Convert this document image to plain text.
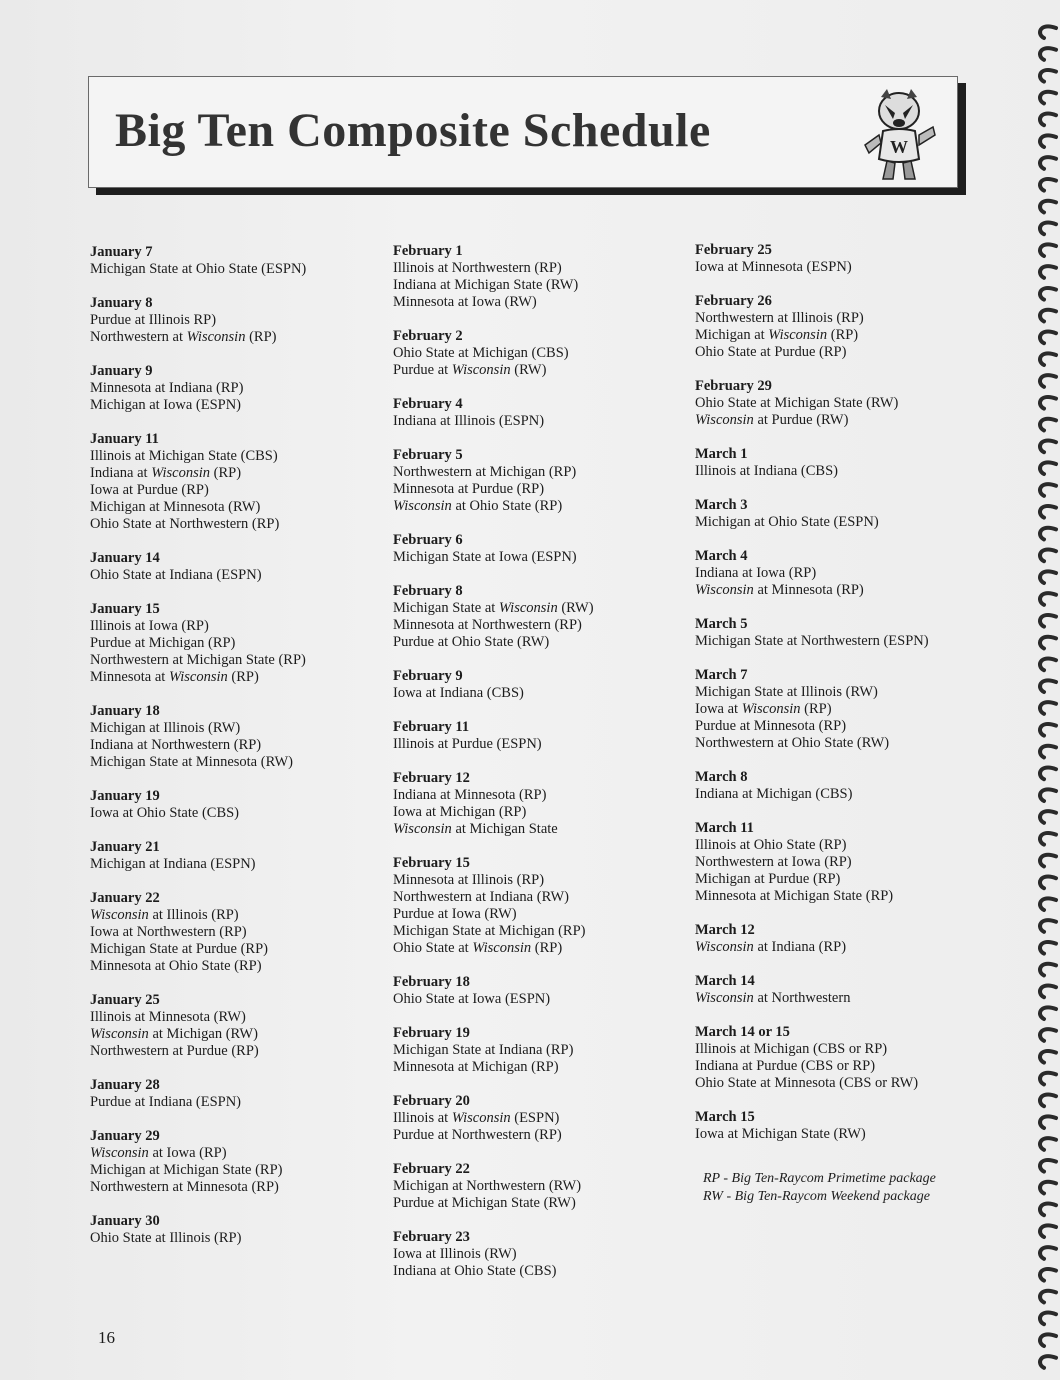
Big Ten Composite Schedule	W
January 7
Michigan State at Ohio State (ESPN)
January 8
Purdue at Illinois RP)
Northwestern at Wisconsin (RP)
January 9
Minnesota at Indiana (RP)
Michigan at Iowa (ESPN)
January 11
Illinois at Michigan State (CBS)
Indiana at Wisconsin (RP)
Iowa at Purdue (RP)
Michigan at Minnesota (RW)
Ohio State at Northwestern (RP)
January 14
Ohio State at Indiana (ESPN)
January 15
Illinois at Iowa (RP)
Purdue at Michigan (RP)
Northwestern at Michigan State (RP)
Minnesota at Wisconsin (RP)
January 18
Michigan at Illinois (RW)
Indiana at Northwestern (RP)
Michigan State at Minnesota (RW)
January 19
Iowa at Ohio State (CBS)
January 21
Michigan at Indiana (ESPN)
January 22
Wisconsin at Illinois (RP)
Iowa at Northwestern (RP)
Michigan State at Purdue (RP)
Minnesota at Ohio State (RP)
January 25
Illinois at Minnesota (RW)
Wisconsin at Michigan (RW)
Northwestern at Purdue (RP)
January 28
Purdue at Indiana (ESPN)
January 29
Wisconsin at Iowa (RP)
Michigan at Michigan State (RP)
Northwestern at Minnesota (RP)
January 30
Ohio State at Illinois (RP)
February 1
Illinois at Northwestern (RP)
Indiana at Michigan State (RW)
Minnesota at Iowa (RW)
February 2
Ohio State at Michigan (CBS)
Purdue at Wisconsin (RW)
February 4
Indiana at Illinois (ESPN)
February 5
Northwestern at Michigan (RP)
Minnesota at Purdue (RP)
Wisconsin at Ohio State (RP)
February 6
Michigan State at Iowa (ESPN)
February 8
Michigan State at Wisconsin (RW)
Minnesota at Northwestern (RP)
Purdue at Ohio State (RW)
February 9
Iowa at Indiana (CBS)
February 11
Illinois at Purdue (ESPN)
February 12
Indiana at Minnesota (RP)
Iowa at Michigan (RP)
Wisconsin at Michigan State
February 15
Minnesota at Illinois (RP)
Northwestern at Indiana (RW)
Purdue at Iowa (RW)
Michigan State at Michigan (RP)
Ohio State at Wisconsin (RP)
February 18
Ohio State at Iowa (ESPN)
February 19
Michigan State at Indiana (RP)
Minnesota at Michigan (RP)
February 20
Illinois at Wisconsin (ESPN)
Purdue at Northwestern (RP)
February 22
Michigan at Northwestern (RW)
Purdue at Michigan State (RW)
February 23
Iowa at Illinois (RW)
Indiana at Ohio State (CBS)
February 25
Iowa at Minnesota (ESPN)
February 26
Northwestern at Illinois (RP)
Michigan at Wisconsin (RP)
Ohio State at Purdue (RP)
February 29
Ohio State at Michigan State (RW)
Wisconsin at Purdue (RW)
March 1
Illinois at Indiana (CBS)
March 3
Michigan at Ohio State (ESPN)
March 4
Indiana at Iowa (RP)
Wisconsin at Minnesota (RP)
March 5
Michigan State at Northwestern (ESPN)
March 7
Michigan State at Illinois (RW)
Iowa at Wisconsin (RP)
Purdue at Minnesota (RP)
Northwestern at Ohio State (RW)
March 8
Indiana at Michigan (CBS)
March 11
Illinois at Ohio State (RP)
Northwestern at Iowa (RP)
Michigan at Purdue (RP)
Minnesota at Michigan State (RP)
March 12
Wisconsin at Indiana (RP)
March 14
Wisconsin at Northwestern
March 14 or 15
Illinois at Michigan (CBS or RP)
Indiana at Purdue (CBS or RP)
Ohio State at Minnesota (CBS or RW)
March 15
Iowa at Michigan State (RW)
RP - Big Ten-Raycom Primetime package
RW - Big Ten-Raycom Weekend package
16
